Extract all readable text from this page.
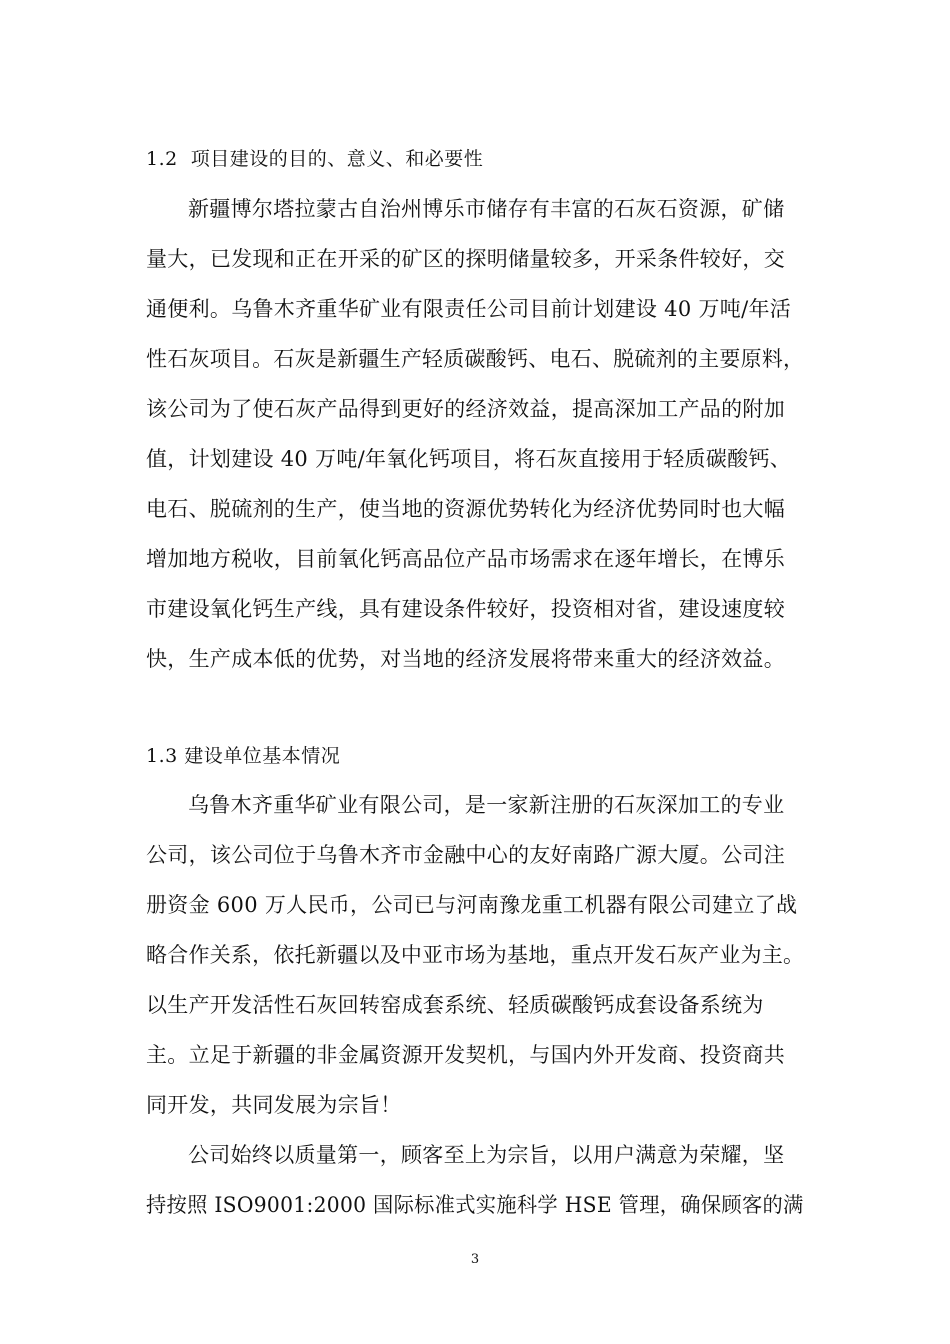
1.2  项目建设的目的、意义、和必要性
新疆博尔塔拉蒙古自治州博乐市储存有丰富的石灰石资源，矿储
量大，已发现和正在开采的矿区的探明储量较多，开采条件较好，交
通便利。乌鲁木齐重华矿业有限责任公司目前计划建设 40 万吨/年活
性石灰项目。石灰是新疆生产轻质碳酸钙、电石、脱硫剂的主要原料，
该公司为了使石灰产品得到更好的经济效益，提高深加工产品的附加
值，计划建设 40 万吨/年氧化钙项目，将石灰直接用于轻质碳酸钙、
电石、脱硫剂的生产，使当地的资源优势转化为经济优势同时也大幅
增加地方税收，目前氧化钙高品位产品市场需求在逐年增长，在博乐
市建设氧化钙生产线，具有建设条件较好，投资相对省，建设速度较
快，生产成本低的优势，对当地的经济发展将带来重大的经济效益。
1.3 建设单位基本情况
乌鲁木齐重华矿业有限公司，是一家新注册的石灰深加工的专业
公司，该公司位于乌鲁木齐市金融中心的友好南路广源大厦。公司注
册资金 600 万人民币，公司已与河南豫龙重工机器有限公司建立了战
略合作关系，依托新疆以及中亚市场为基地，重点开发石灰产业为主。
以生产开发活性石灰回转窑成套系统、轻质碳酸钙成套设备系统为
主。立足于新疆的非金属资源开发契机，与国内外开发商、投资商共
同开发，共同发展为宗旨！
公司始终以质量第一，顾客至上为宗旨，以用户满意为荣耀，坚
持按照 ISO9001:2000 国际标准式实施科学 HSE 管理，确保顾客的满
3
